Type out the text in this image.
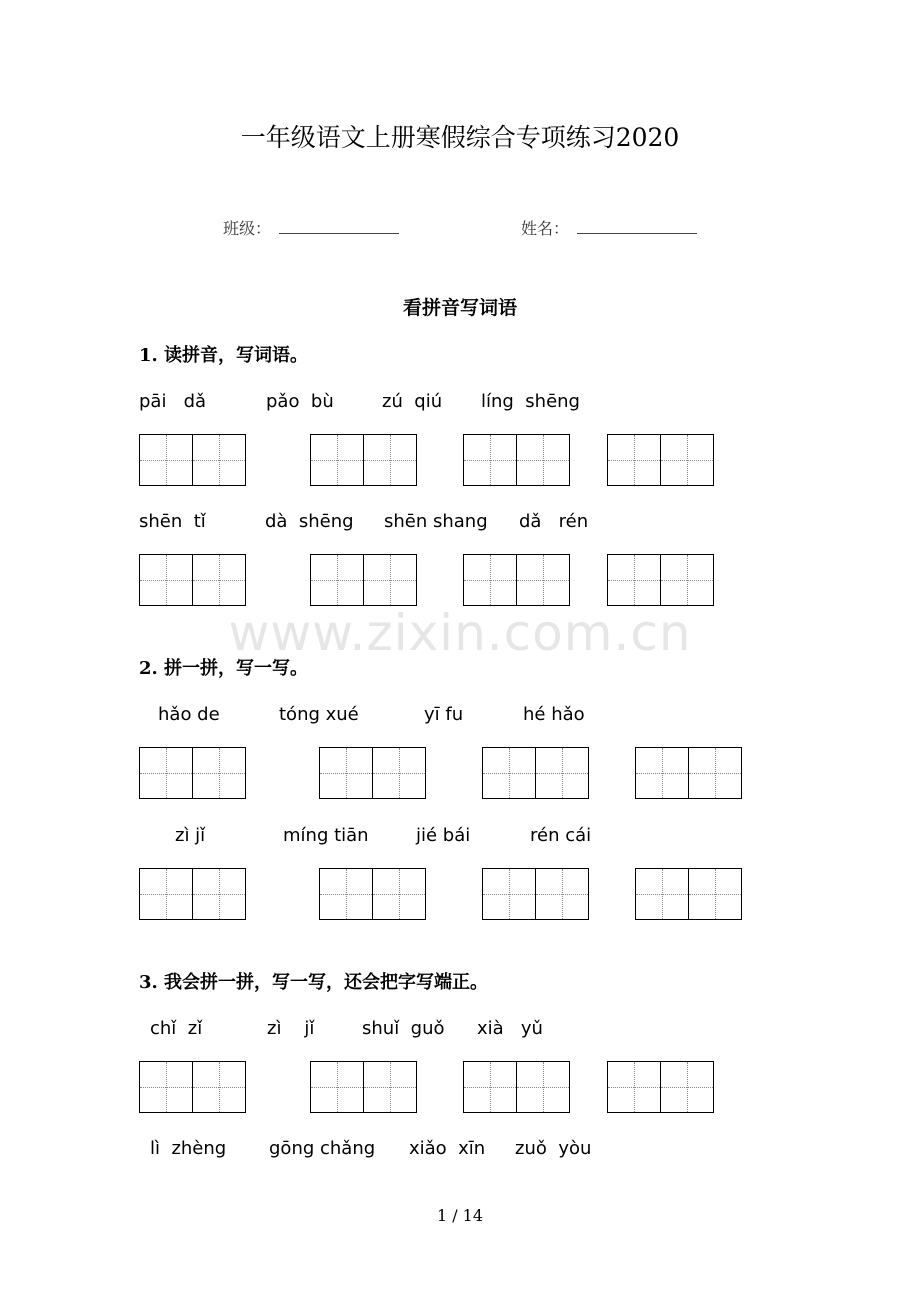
一年级语文上册寒假综合专项练习2020
班级：	姓名：
看拼音写词语
1. 读拼音，写词语。
pāi   dǎ	pǎo  bù	zú  qiú líng  shēng
shēn  tǐ	dà  shēng shēn shang dǎ   rén
www.zixin.com.cn
2. 拼一拼，写一写。
hǎo de	tóng xué	yī fu	hé hǎo
zì jǐ	míng tiān	jié bái	rén cái
3. 我会拼一拼，写一写，还会把字写端正。
chǐ  zǐ	zì    jǐ	shuǐ  guǒ xià   yǔ
lì  zhèng gōng chǎng xiǎo  xīn zuǒ  yòu
1 / 14
